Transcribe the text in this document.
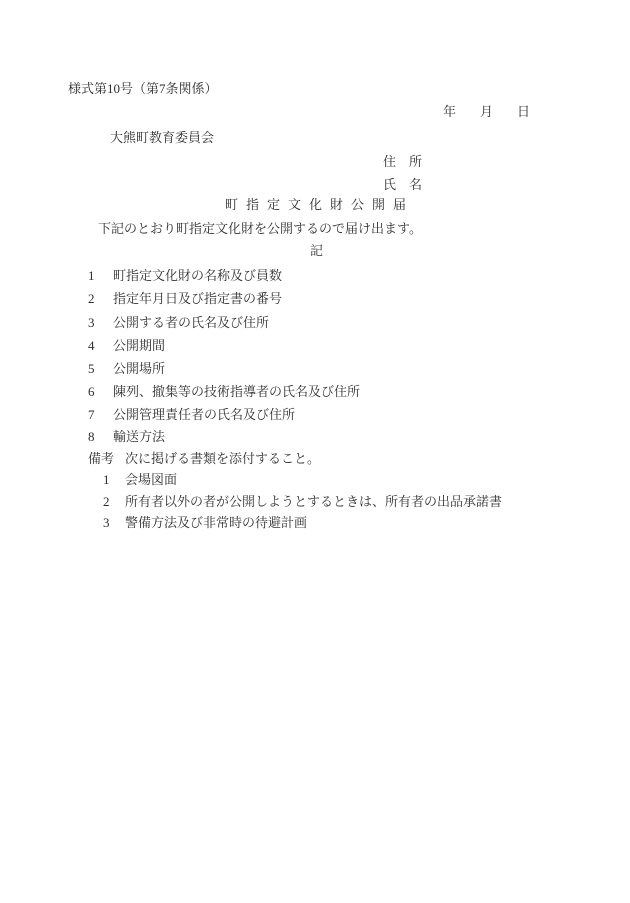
様式第10号（第7条関係）
年 月 日
大熊町教育委員会
住　所
氏　名
町指定文化財公開届
下記のとおり町指定文化財を公開するので届け出ます。
記
1 町指定文化財の名称及び員数
2 指定年月日及び指定書の番号
3 公開する者の氏名及び住所
4 公開期間
5 公開場所
6 陳列、撤集等の技術指導者の氏名及び住所
7 公開管理責任者の氏名及び住所
8 輸送方法
備考 次に掲げる書類を添付すること。
1 会場図面
2 所有者以外の者が公開しようとするときは、所有者の出品承諾書
3 警備方法及び非常時の待避計画
